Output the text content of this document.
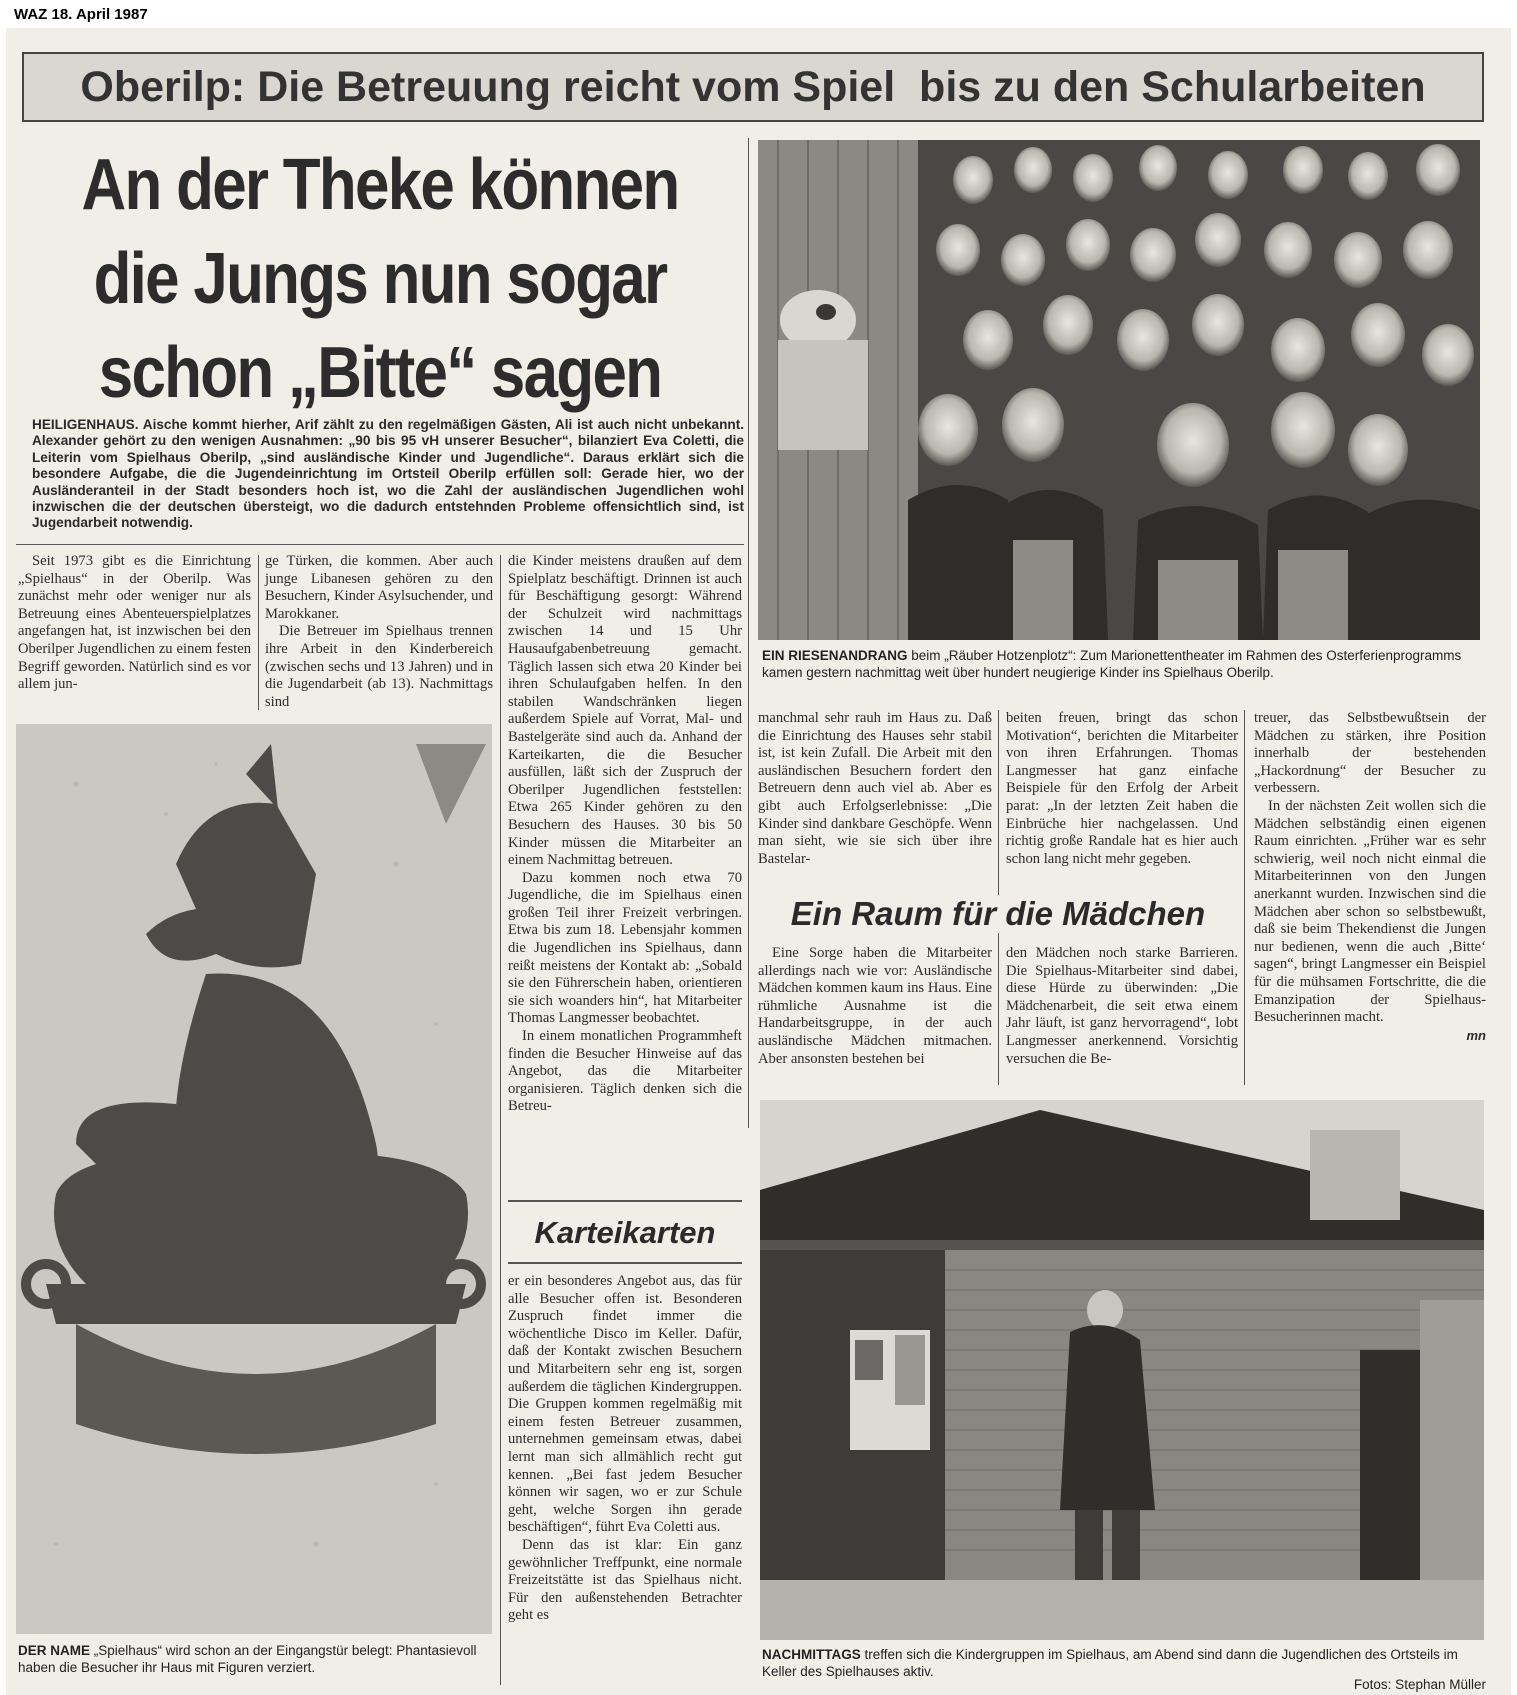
WAZ 18. April 1987
Oberilp: Die Betreuung reicht vom Spiel  bis zu den Schularbeiten
An der Theke können
die Jungs nun sogar
schon „Bitte“ sagen
HEILIGENHAUS. Aische kommt hierher, Arif zählt zu den regelmäßigen Gästen, Ali ist auch nicht unbekannt. Alexander gehört zu den wenigen Ausnahmen: „90 bis 95 vH unserer Besucher“, bilanziert Eva Coletti, die Leiterin vom Spielhaus Oberilp, „sind ausländische Kinder und Jugendliche“. Daraus erklärt sich die besondere Aufgabe, die die Jugendeinrichtung im Ortsteil Oberilp erfüllen soll: Gerade hier, wo der Ausländeranteil in der Stadt besonders hoch ist, wo die Zahl der ausländischen Jugendlichen wohl inzwischen die der deutschen übersteigt, wo die dadurch entstehnden Probleme offensichtlich sind, ist Jugendarbeit notwendig.
EIN RIESENANDRANG beim „Räuber Hotzenplotz“: Zum Marionettentheater im Rahmen des Osterferienprogramms kamen gestern nachmittag weit über hundert neugierige Kinder ins Spielhaus Oberilp.

Seit 1973 gibt es die Einrichtung „Spielhaus“ in der Oberilp. Was zunächst mehr oder weniger nur als Betreuung eines Abenteuerspielplatzes angefangen hat, ist inzwischen bei den Oberilper Jugendlichen zu einem festen Begriff geworden. Natürlich sind es vor allem jun-

ge Türken, die kommen. Aber auch junge Libanesen gehören zu den Besuchern, Kinder Asylsuchender, und Marokkaner.

Die Betreuer im Spielhaus trennen ihre Arbeit in den Kinderbereich (zwischen sechs und 13 Jahren) und in die Jugendarbeit (ab 13). Nachmittags sind

DER NAME „Spielhaus“ wird schon an der Eingangstür belegt: Phantasievoll haben die Besucher ihr Haus mit Figuren verziert.

die Kinder meistens draußen auf dem Spielplatz beschäftigt. Drinnen ist auch für Beschäftigung gesorgt: Während der Schulzeit wird nachmittags zwischen 14 und 15 Uhr Hausaufgabenbetreuung gemacht. Täglich lassen sich etwa 20 Kinder bei ihren Schulaufgaben helfen. In den stabilen Wandschränken liegen außerdem Spiele auf Vorrat, Mal- und Bastelgeräte sind auch da. Anhand der Karteikarten, die die Besucher ausfüllen, läßt sich der Zuspruch der Oberilper Jugendlichen feststellen: Etwa 265 Kinder gehören zu den Besuchern des Hauses. 30 bis 50 Kinder müssen die Mitarbeiter an einem Nachmittag betreuen.

Dazu kommen noch etwa 70 Jugendliche, die im Spielhaus einen großen Teil ihrer Freizeit verbringen. Etwa bis zum 18. Lebensjahr kommen die Jugendlichen ins Spielhaus, dann reißt meistens der Kontakt ab: „Sobald sie den Führerschein haben, orientieren sie sich woanders hin“, hat Mitarbeiter Thomas Langmesser beobachtet.

In einem monatlichen Programmheft finden die Besucher Hinweise auf das Angebot, das die Mitarbeiter organisieren. Täglich denken sich die Betreu-

Karteikarten

er ein besonderes Angebot aus, das für alle Besucher offen ist. Besonderen Zuspruch findet immer die wöchentliche Disco im Keller. Dafür, daß der Kontakt zwischen Besuchern und Mitarbeitern sehr eng ist, sorgen außerdem die täglichen Kindergruppen. Die Gruppen kommen regelmäßig mit einem festen Betreuer zusammen, unternehmen gemeinsam etwas, dabei lernt man sich allmählich recht gut kennen. „Bei fast jedem Besucher können wir sagen, wo er zur Schule geht, welche Sorgen ihn gerade beschäftigen“, führt Eva Coletti aus.

Denn das ist klar: Ein ganz gewöhnlicher Treffpunkt, eine normale Freizeitstätte ist das Spielhaus nicht. Für den außenstehenden Betrachter geht es

manchmal sehr rauh im Haus zu. Daß die Einrichtung des Hauses sehr stabil ist, ist kein Zufall. Die Arbeit mit den ausländischen Besuchern fordert den Betreuern denn auch viel ab. Aber es gibt auch Erfolgserlebnisse: „Die Kinder sind dankbare Geschöpfe. Wenn man sieht, wie sie sich über ihre Bastelar-

beiten freuen, bringt das schon Motivation“, berichten die Mitarbeiter von ihren Erfahrungen. Thomas Langmesser hat ganz einfache Beispiele für den Erfolg der Arbeit parat: „In der letzten Zeit haben die Einbrüche hier nachgelassen. Und richtig große Randale hat es hier auch schon lang nicht mehr gegeben.

treuer, das Selbstbewußtsein der Mädchen zu stärken, ihre Position innerhalb der bestehenden „Hackordnung“ der Besucher zu verbessern.

In der nächsten Zeit wollen sich die Mädchen selbständig einen eigenen Raum einrichten. „Früher war es sehr schwierig, weil noch nicht einmal die Mitarbeiterinnen von den Jungen anerkannt wurden. Inzwischen sind die Mädchen aber schon so selbstbewußt, daß sie beim Thekendienst die Jungen nur bedienen, wenn die auch ‚Bitte‘ sagen“, bringt Langmesser ein Beispiel für die mühsamen Fortschritte, die die Emanzipation der Spielhaus-Besucherinnen macht.

mn
Ein Raum für die Mädchen

Eine Sorge haben die Mitarbeiter allerdings nach wie vor: Ausländische Mädchen kommen kaum ins Haus. Eine rühmliche Ausnahme ist die Handarbeitsgruppe, in der auch ausländische Mädchen mitmachen. Aber ansonsten bestehen bei

den Mädchen noch starke Barrieren. Die Spielhaus-Mitarbeiter sind dabei, diese Hürde zu überwinden: „Die Mädchenarbeit, die seit etwa einem Jahr läuft, ist ganz hervorragend“, lobt Langmesser anerkennend. Vorsichtig versuchen die Be-

NACHMITTAGS treffen sich die Kindergruppen im Spielhaus, am Abend sind dann die Jugendlichen des Ortsteils im Keller des Spielhauses aktiv.
Fotos: Stephan Müller
